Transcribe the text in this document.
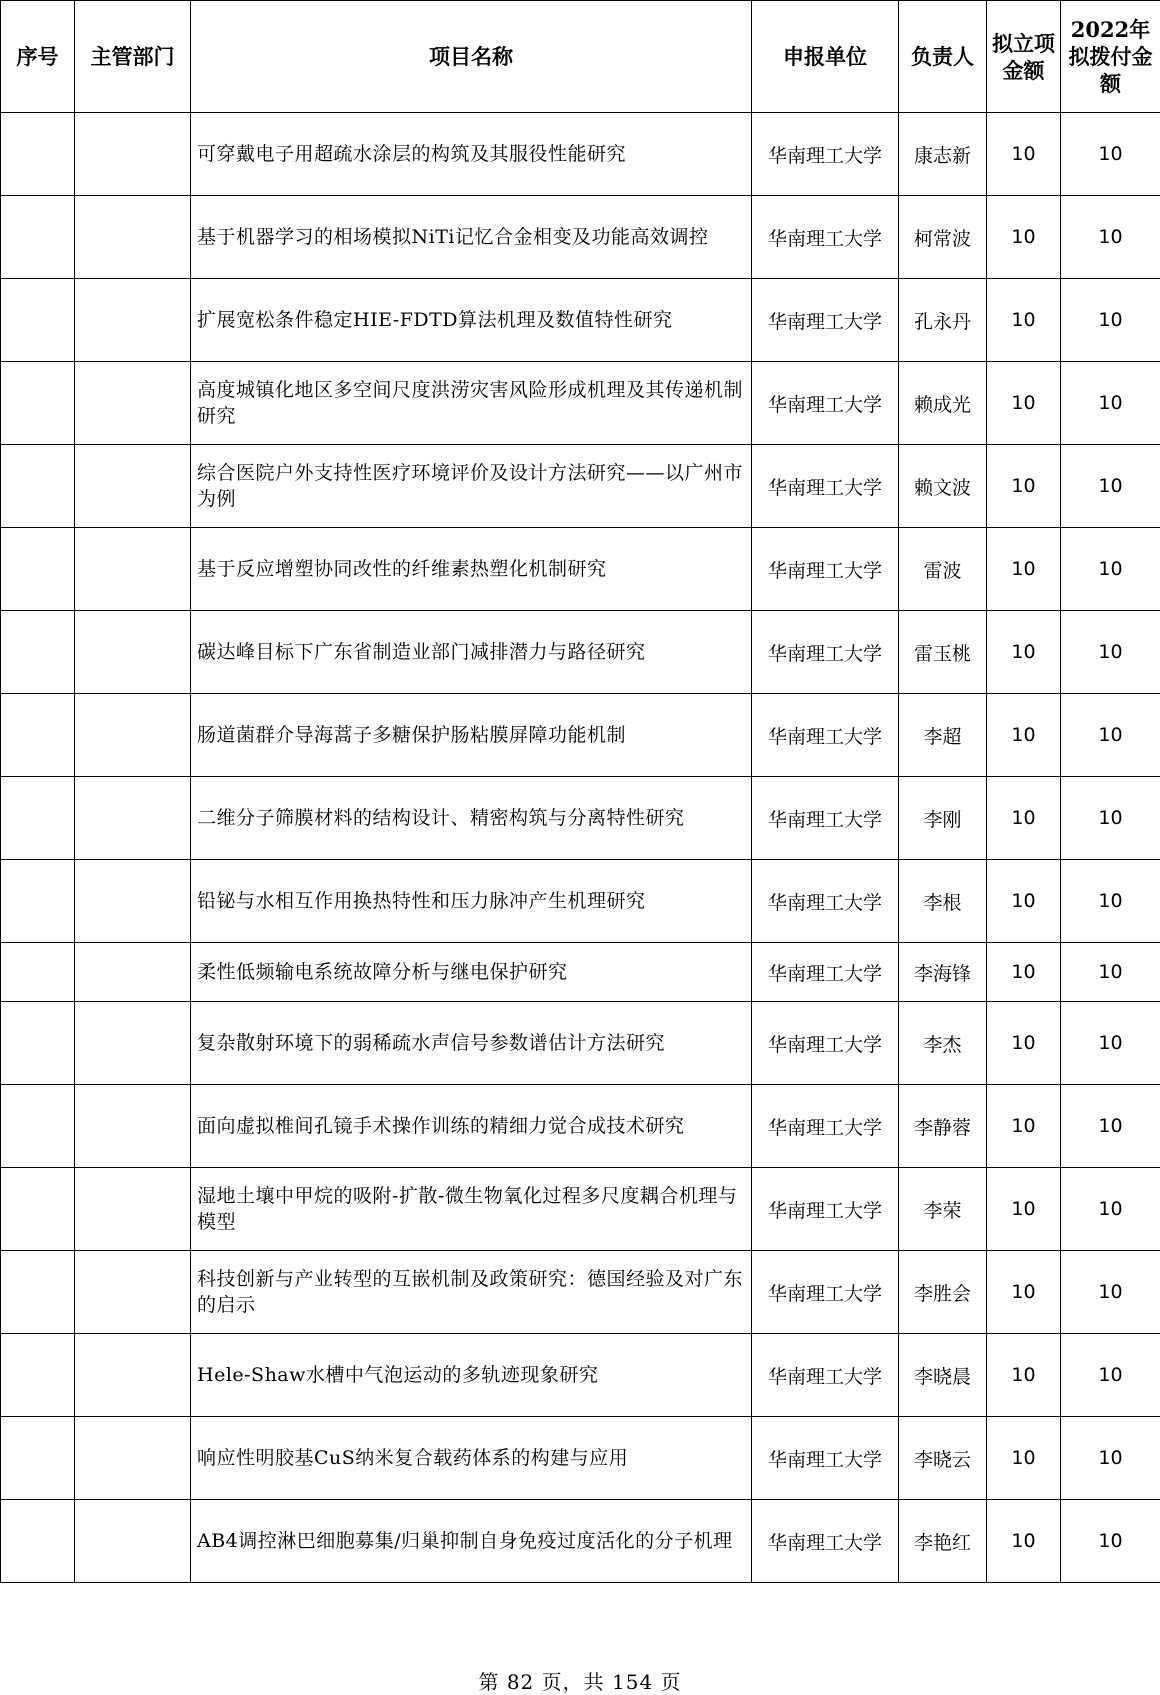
序号	主管部门	项目名称	申报单位	负责人	拟立项金额	2022年拟拨付金额
		可穿戴电子用超疏水涂层的构筑及其服役性能研究	华南理工大学	康志新	10	10
		基于机器学习的相场模拟NiTi记忆合金相变及功能高效调控	华南理工大学	柯常波	10	10
		扩展宽松条件稳定HIE-FDTD算法机理及数值特性研究	华南理工大学	孔永丹	10	10
		高度城镇化地区多空间尺度洪涝灾害风险形成机理及其传递机制研究	华南理工大学	赖成光	10	10
		综合医院户外支持性医疗环境评价及设计方法研究——以广州市为例	华南理工大学	赖文波	10	10
		基于反应增塑协同改性的纤维素热塑化机制研究	华南理工大学	雷波	10	10
		碳达峰目标下广东省制造业部门减排潜力与路径研究	华南理工大学	雷玉桃	10	10
		肠道菌群介导海蒿子多糖保护肠粘膜屏障功能机制	华南理工大学	李超	10	10
		二维分子筛膜材料的结构设计、精密构筑与分离特性研究	华南理工大学	李刚	10	10
		铅铋与水相互作用换热特性和压力脉冲产生机理研究	华南理工大学	李根	10	10
		柔性低频输电系统故障分析与继电保护研究	华南理工大学	李海锋	10	10
		复杂散射环境下的弱稀疏水声信号参数谱估计方法研究	华南理工大学	李杰	10	10
		面向虚拟椎间孔镜手术操作训练的精细力觉合成技术研究	华南理工大学	李静蓉	10	10
		湿地土壤中甲烷的吸附-扩散-微生物氧化过程多尺度耦合机理与模型	华南理工大学	李荣	10	10
		科技创新与产业转型的互嵌机制及政策研究：德国经验及对广东的启示	华南理工大学	李胜会	10	10
		Hele-Shaw水槽中气泡运动的多轨迹现象研究	华南理工大学	李晓晨	10	10
		响应性明胶基CuS纳米复合载药体系的构建与应用	华南理工大学	李晓云	10	10
		AB4调控淋巴细胞募集/归巢抑制自身免疫过度活化的分子机理	华南理工大学	李艳红	10	10
第 82 页，共 154 页
